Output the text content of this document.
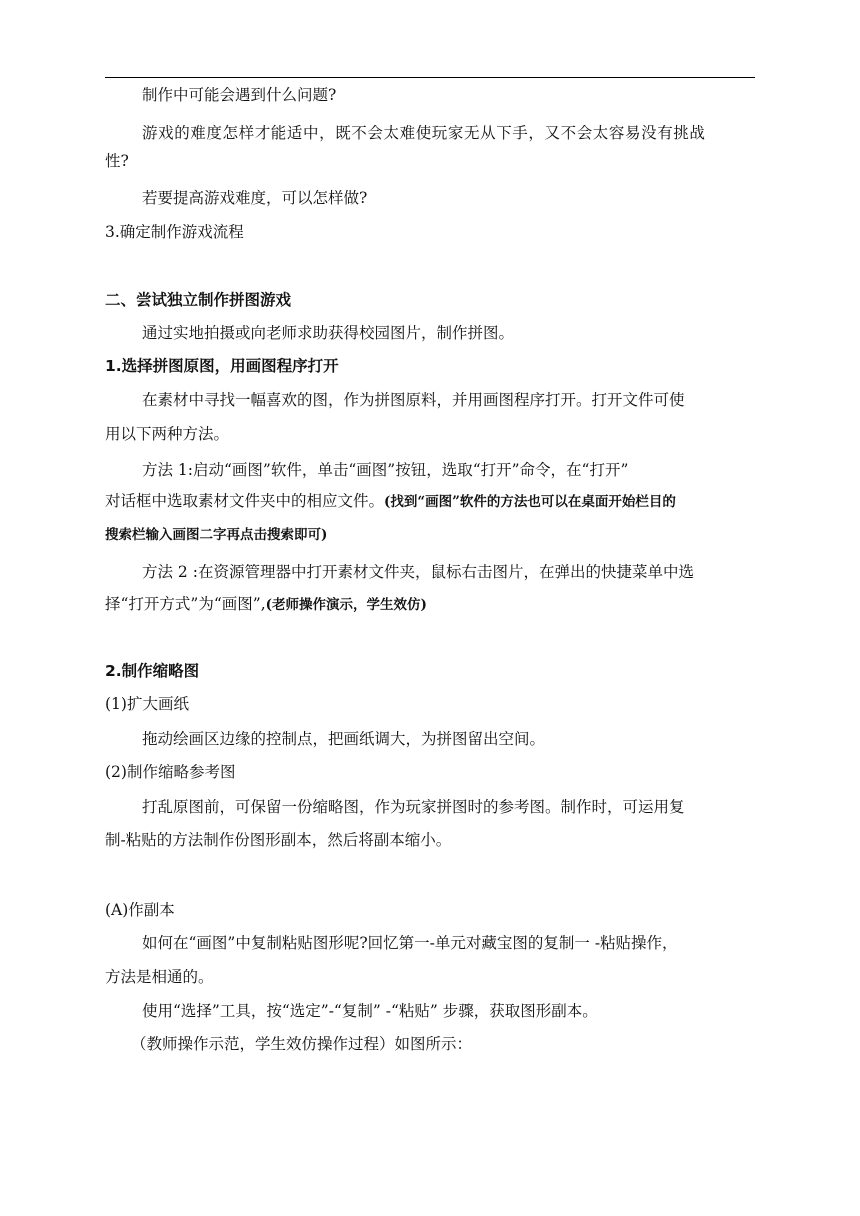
制作中可能会遇到什么问题?
游戏的难度怎样才能适中，既不会太难使玩家无从下手，又不会太容易没有挑战
性?
若要提高游戏难度，可以怎样做?
3.确定制作游戏流程
二、尝试独立制作拼图游戏
通过实地拍摄或向老师求助获得校园图片，制作拼图。
1.选择拼图原图，用画图程序打开
在素材中寻找一幅喜欢的图，作为拼图原料，并用画图程序打开。打开文件可使
用以下两种方法。
方法 1:启动“画图”软件，单击“画图”按钮，选取“打开”命令，在“打开”
对话框中选取素材文件夹中的相应文件。(找到“画图”软件的方法也可以在桌面开始栏目的
搜索栏输入画图二字再点击搜索即可)
方法 2 :在资源管理器中打开素材文件夹，鼠标右击图片，在弹出的快捷菜单中选
择“打开方式”为“画图”,(老师操作演示，学生效仿)
2.制作缩略图
(1)扩大画纸
拖动绘画区边缘的控制点，把画纸调大，为拼图留出空间。
(2)制作缩略参考图
打乱原图前，可保留一份缩略图，作为玩家拼图时的参考图。制作时，可运用复
制-粘贴的方法制作份图形副本，然后将副本缩小。
(A)作副本
如何在“画图”中复制粘贴图形呢?回忆第一-单元对藏宝图的复制一 -粘贴操作，
方法是相通的。
使用“选择”工具，按“选定”-“复制” -“粘贴” 步骤，获取图形副本。
（教师操作示范，学生效仿操作过程）如图所示：
